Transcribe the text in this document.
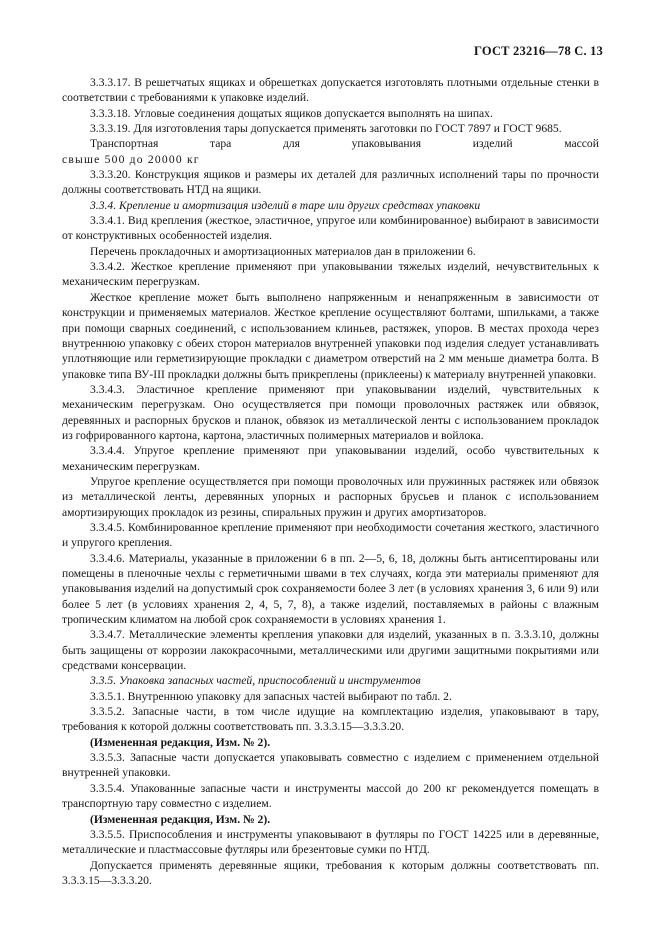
ГОСТ 23216—78 С. 13

3.3.3.17. В решетчатых ящиках и обрешетках допускается изготовлять плотными отдельные стенки в соответствии с требованиями к упаковке изделий.

3.3.3.18. Угловые соединения дощатых ящиков допускается выполнять на шипах.

3.3.3.19. Для изготовления тары допускается применять заготовки по ГОСТ 7897 и ГОСТ 9685.

Транспортная	тара	для	упаковывания	изделий	массой

свыше 500 до 20000 кг

3.3.3.20. Конструкция ящиков и размеры их деталей для различных исполнений тары по прочности должны соответствовать НТД на ящики.

3.3.4. Крепление и амортизация изделий в таре или других средствах упаковки

3.3.4.1. Вид крепления (жесткое, эластичное, упругое или комбинированное) выбирают в зависимости от конструктивных особенностей изделия.

Перечень прокладочных и амортизационных материалов дан в приложении 6.

3.3.4.2. Жесткое крепление применяют при упаковывании тяжелых изделий, нечувствительных к механическим перегрузкам.

Жесткое крепление может быть выполнено напряженным и ненапряженным в зависимости от конструкции и применяемых материалов. Жесткое крепление осуществляют болтами, шпильками, а также при помощи сварных соединений, с использованием клиньев, растяжек, упоров. В местах прохода через внутреннюю упаковку с обеих сторон материалов внутренней упаковки под изделия следует устанавливать уплотняющие или герметизирующие прокладки с диаметром отверстий на 2 мм меньше диаметра болта. В упаковке типа ВУ-III прокладки должны быть прикреплены (приклеены) к материалу внутренней упаковки.

3.3.4.3. Эластичное крепление применяют при упаковывании изделий, чувствительных к механическим перегрузкам. Оно осуществляется при помощи проволочных растяжек или обвязок, деревянных и распорных брусков и планок, обвязок из металлической ленты с использованием прокладок из гофрированного картона, картона, эластичных полимерных материалов и войлока.

3.3.4.4. Упругое крепление применяют при упаковывании изделий, особо чувствительных к механическим перегрузкам.

Упругое крепление осуществляется при помощи проволочных или пружинных растяжек или обвязок из металлической ленты, деревянных упорных и распорных брусьев и планок с использованием амортизирующих прокладок из резины, спиральных пружин и других амортизаторов.

3.3.4.5. Комбинированное крепление применяют при необходимости сочетания жесткого, эластичного и упругого крепления.

3.3.4.6. Материалы, указанные в приложении 6 в пп. 2—5, 6, 18, должны быть антисептированы или помещены в пленочные чехлы с герметичными швами в тех случаях, когда эти материалы применяют для упаковывания изделий на допустимый срок сохраняемости более 3 лет (в условиях хранения 3, 6 или 9) или более 5 лет (в условиях хранения 2, 4, 5, 7, 8), а также изделий, поставляемых в районы с влажным тропическим климатом на любой срок сохраняемости в условиях хранения 1.

3.3.4.7. Металлические элементы крепления упаковки для изделий, указанных в п. 3.3.3.10, должны быть защищены от коррозии лакокрасочными, металлическими или другими защитными покрытиями или средствами консервации.

3.3.5. Упаковка запасных частей, приспособлений и инструментов

3.3.5.1. Внутреннюю упаковку для запасных частей выбирают по табл. 2.

3.3.5.2. Запасные части, в том числе идущие на комплектацию изделия, упаковывают в тару, требования к которой должны соответствовать пп. 3.3.3.15—3.3.3.20.

(Измененная редакция, Изм. № 2).

3.3.5.3. Запасные части допускается упаковывать совместно с изделием с применением отдельной внутренней упаковки.

3.3.5.4. Упакованные запасные части и инструменты массой до 200 кг рекомендуется помещать в транспортную тару совместно с изделием.

(Измененная редакция, Изм. № 2).

3.3.5.5. Приспособления и инструменты упаковывают в футляры по ГОСТ 14225 или в деревянные, металлические и пластмассовые футляры или брезентовые сумки по НТД.

Допускается применять деревянные ящики, требования к которым должны соответствовать пп. 3.3.3.15—3.3.3.20.
